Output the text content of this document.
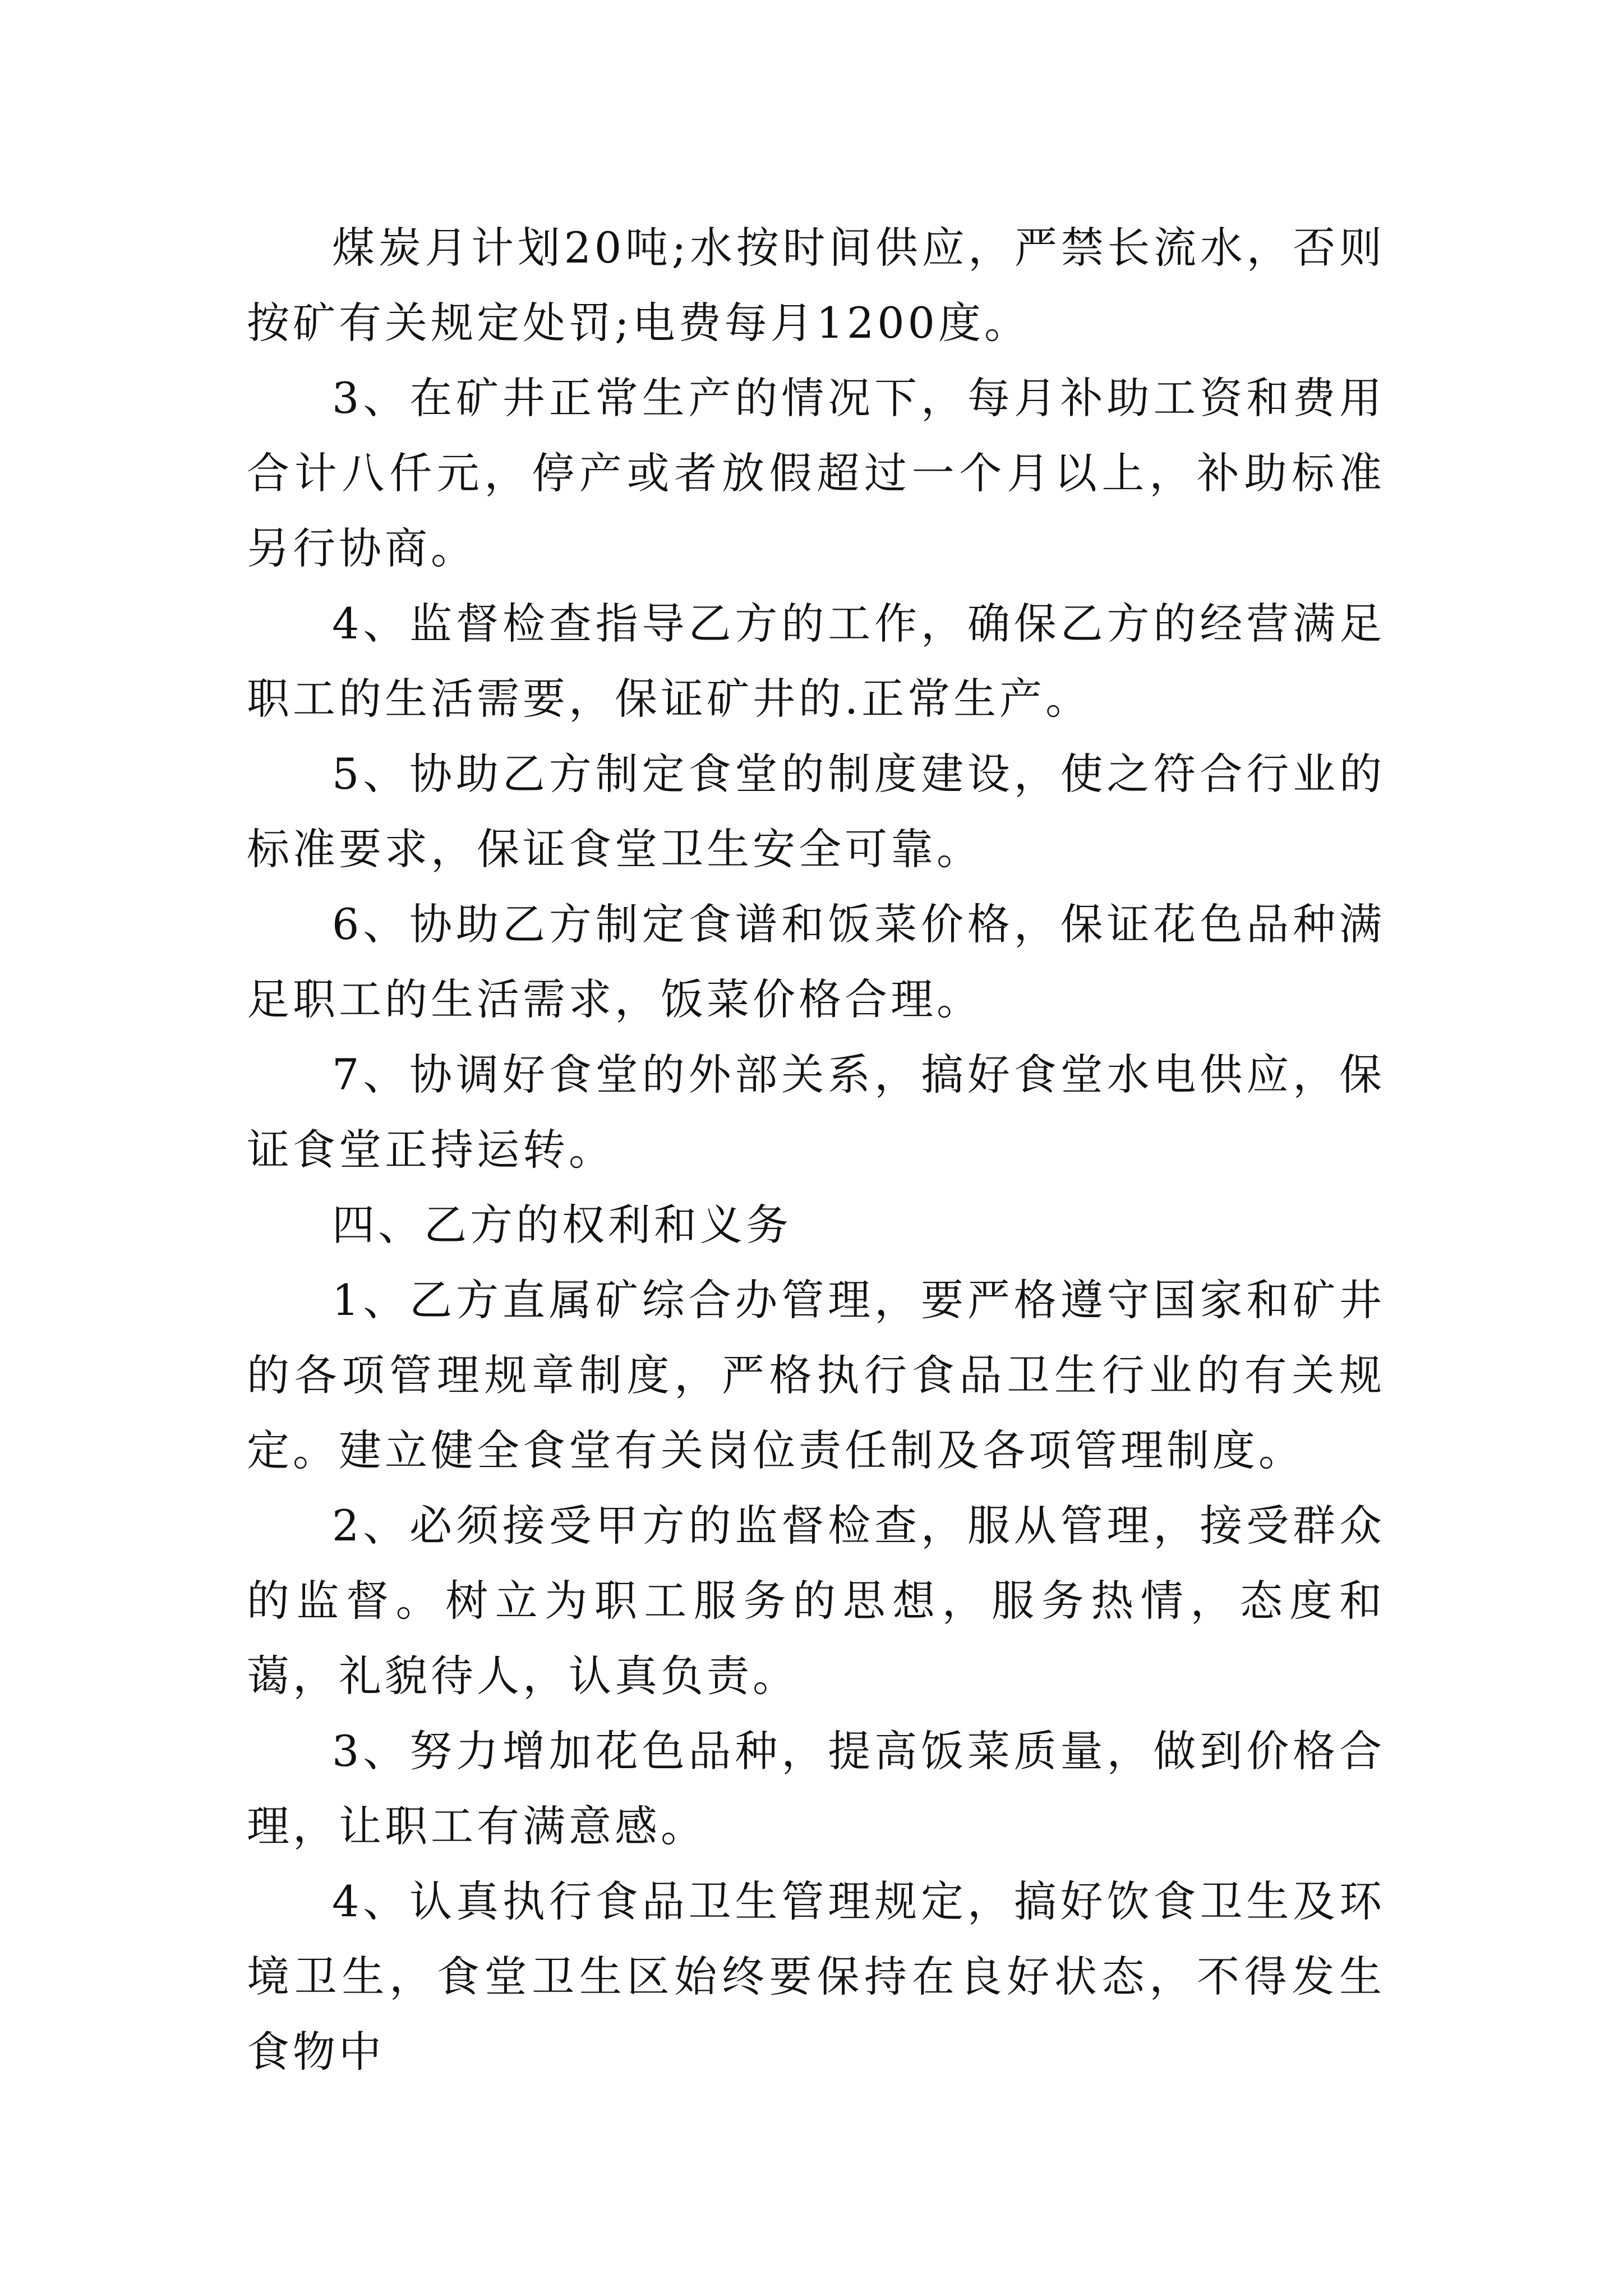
煤炭月计划20吨;水按时间供应，严禁长流水，否则按矿有关规定处罚;电费每月1200度。

3、在矿井正常生产的情况下，每月补助工资和费用合计八仟元，停产或者放假超过一个月以上，补助标准另行协商。

4、监督检查指导乙方的工作，确保乙方的经营满足职工的生活需要，保证矿井的.正常生产。

5、协助乙方制定食堂的制度建设，使之符合行业的标准要求，保证食堂卫生安全可靠。

6、协助乙方制定食谱和饭菜价格，保证花色品种满足职工的生活需求，饭菜价格合理。

7、协调好食堂的外部关系，搞好食堂水电供应，保证食堂正持运转。

四、乙方的权利和义务

1、乙方直属矿综合办管理，要严格遵守国家和矿井的各项管理规章制度，严格执行食品卫生行业的有关规定。建立健全食堂有关岗位责任制及各项管理制度。

2、必须接受甲方的监督检查，服从管理，接受群众的监督。树立为职工服务的思想，服务热情，态度和蔼，礼貌待人，认真负责。

3、努力增加花色品种，提高饭菜质量，做到价格合理，让职工有满意感。

4、认真执行食品卫生管理规定，搞好饮食卫生及环境卫生，食堂卫生区始终要保持在良好状态，不得发生食物中
